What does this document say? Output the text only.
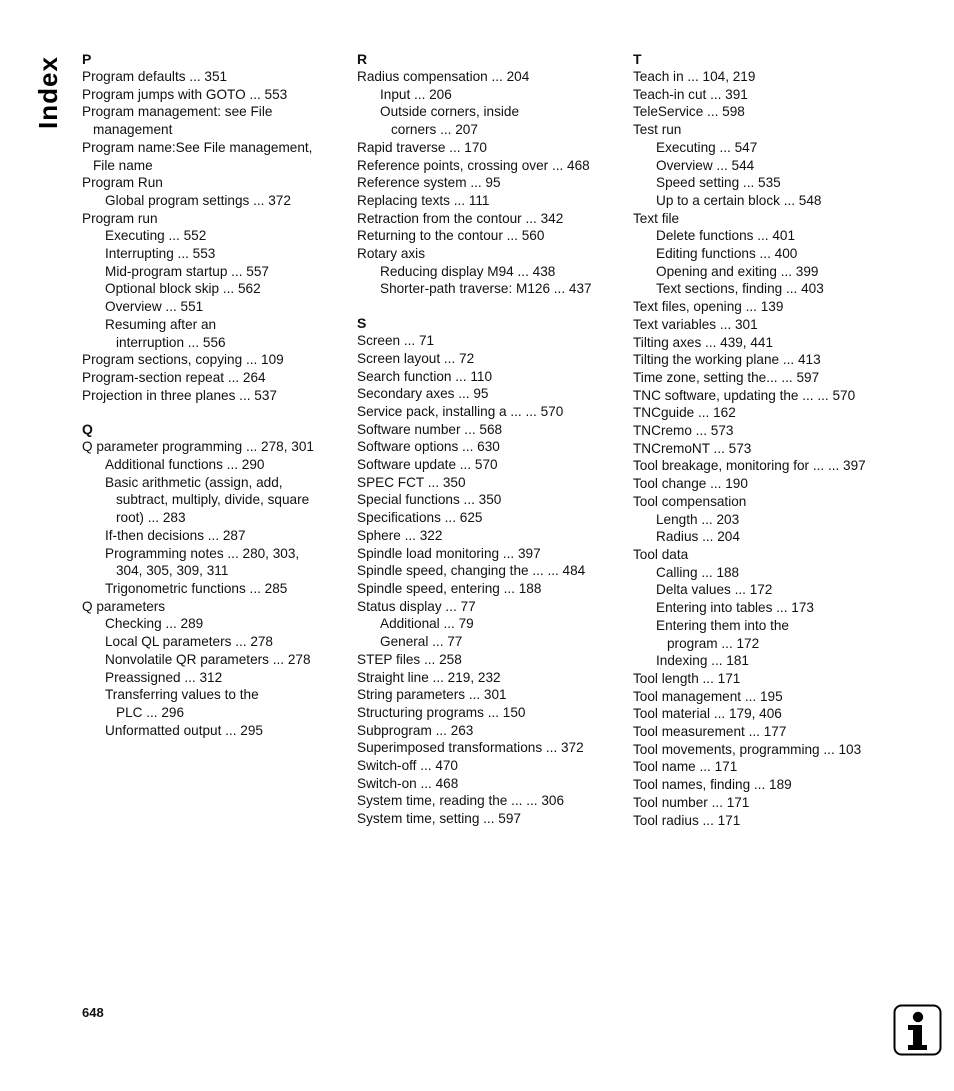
Index P
Program defaults ... 351
Program jumps with GOTO ... 553
Program management: see File
management
Program name:See File management,
File name
Program Run
Global program settings ... 372
Program run
Executing ... 552
Interrupting ... 553
Mid-program startup ... 557
Optional block skip ... 562
Overview ... 551
Resuming after an
interruption ... 556
Program sections, copying ... 109
Program-section repeat ... 264
Projection in three planes ... 537
Q
Q parameter programming ... 278, 301
Additional functions ... 290
Basic arithmetic (assign, add,
subtract, multiply, divide, square
root) ... 283
If-then decisions ... 287
Programming notes ... 280, 303,
304, 305, 309, 311
Trigonometric functions ... 285
Q parameters
Checking ... 289
Local QL parameters ... 278
Nonvolatile QR parameters ... 278
Preassigned ... 312
Transferring values to the
PLC ... 296
Unformatted output ... 295
R
Radius compensation ... 204
Input ... 206
Outside corners, inside
corners ... 207
Rapid traverse ... 170
Reference points, crossing over ... 468
Reference system ... 95
Replacing texts ... 111
Retraction from the contour ... 342
Returning to the contour ... 560
Rotary axis
Reducing display M94 ... 438
Shorter-path traverse: M126 ... 437
S
Screen ... 71
Screen layout ... 72
Search function ... 110
Secondary axes ... 95
Service pack, installing a ... ... 570
Software number ... 568
Software options ... 630
Software update ... 570
SPEC FCT ... 350
Special functions ... 350
Specifications ... 625
Sphere ... 322
Spindle load monitoring ... 397
Spindle speed, changing the ... ... 484
Spindle speed, entering ... 188
Status display ... 77
Additional ... 79
General ... 77
STEP files ... 258
Straight line ... 219, 232
String parameters ... 301
Structuring programs ... 150
Subprogram ... 263
Superimposed transformations ... 372
Switch-off ... 470
Switch-on ... 468
System time, reading the ... ... 306
System time, setting ... 597
T
Teach in ... 104, 219
Teach-in cut ... 391
TeleService ... 598
Test run
Executing ... 547
Overview ... 544
Speed setting ... 535
Up to a certain block ... 548
Text file
Delete functions ... 401
Editing functions ... 400
Opening and exiting ... 399
Text sections, finding ... 403
Text files, opening ... 139
Text variables ... 301
Tilting axes ... 439, 441
Tilting the working plane ... 413
Time zone, setting the... ... 597
TNC software, updating the ... ... 570
TNCguide ... 162
TNCremo ... 573
TNCremoNT ... 573
Tool breakage, monitoring for ... ... 397
Tool change ... 190
Tool compensation
Length ... 203
Radius ... 204
Tool data
Calling ... 188
Delta values ... 172
Entering into tables ... 173
Entering them into the
program ... 172
Indexing ... 181
Tool length ... 171
Tool management ... 195
Tool material ... 179, 406
Tool measurement ... 177
Tool movements, programming ... 103
Tool name ... 171
Tool names, finding ... 189
Tool number ... 171
Tool radius ... 171
648
